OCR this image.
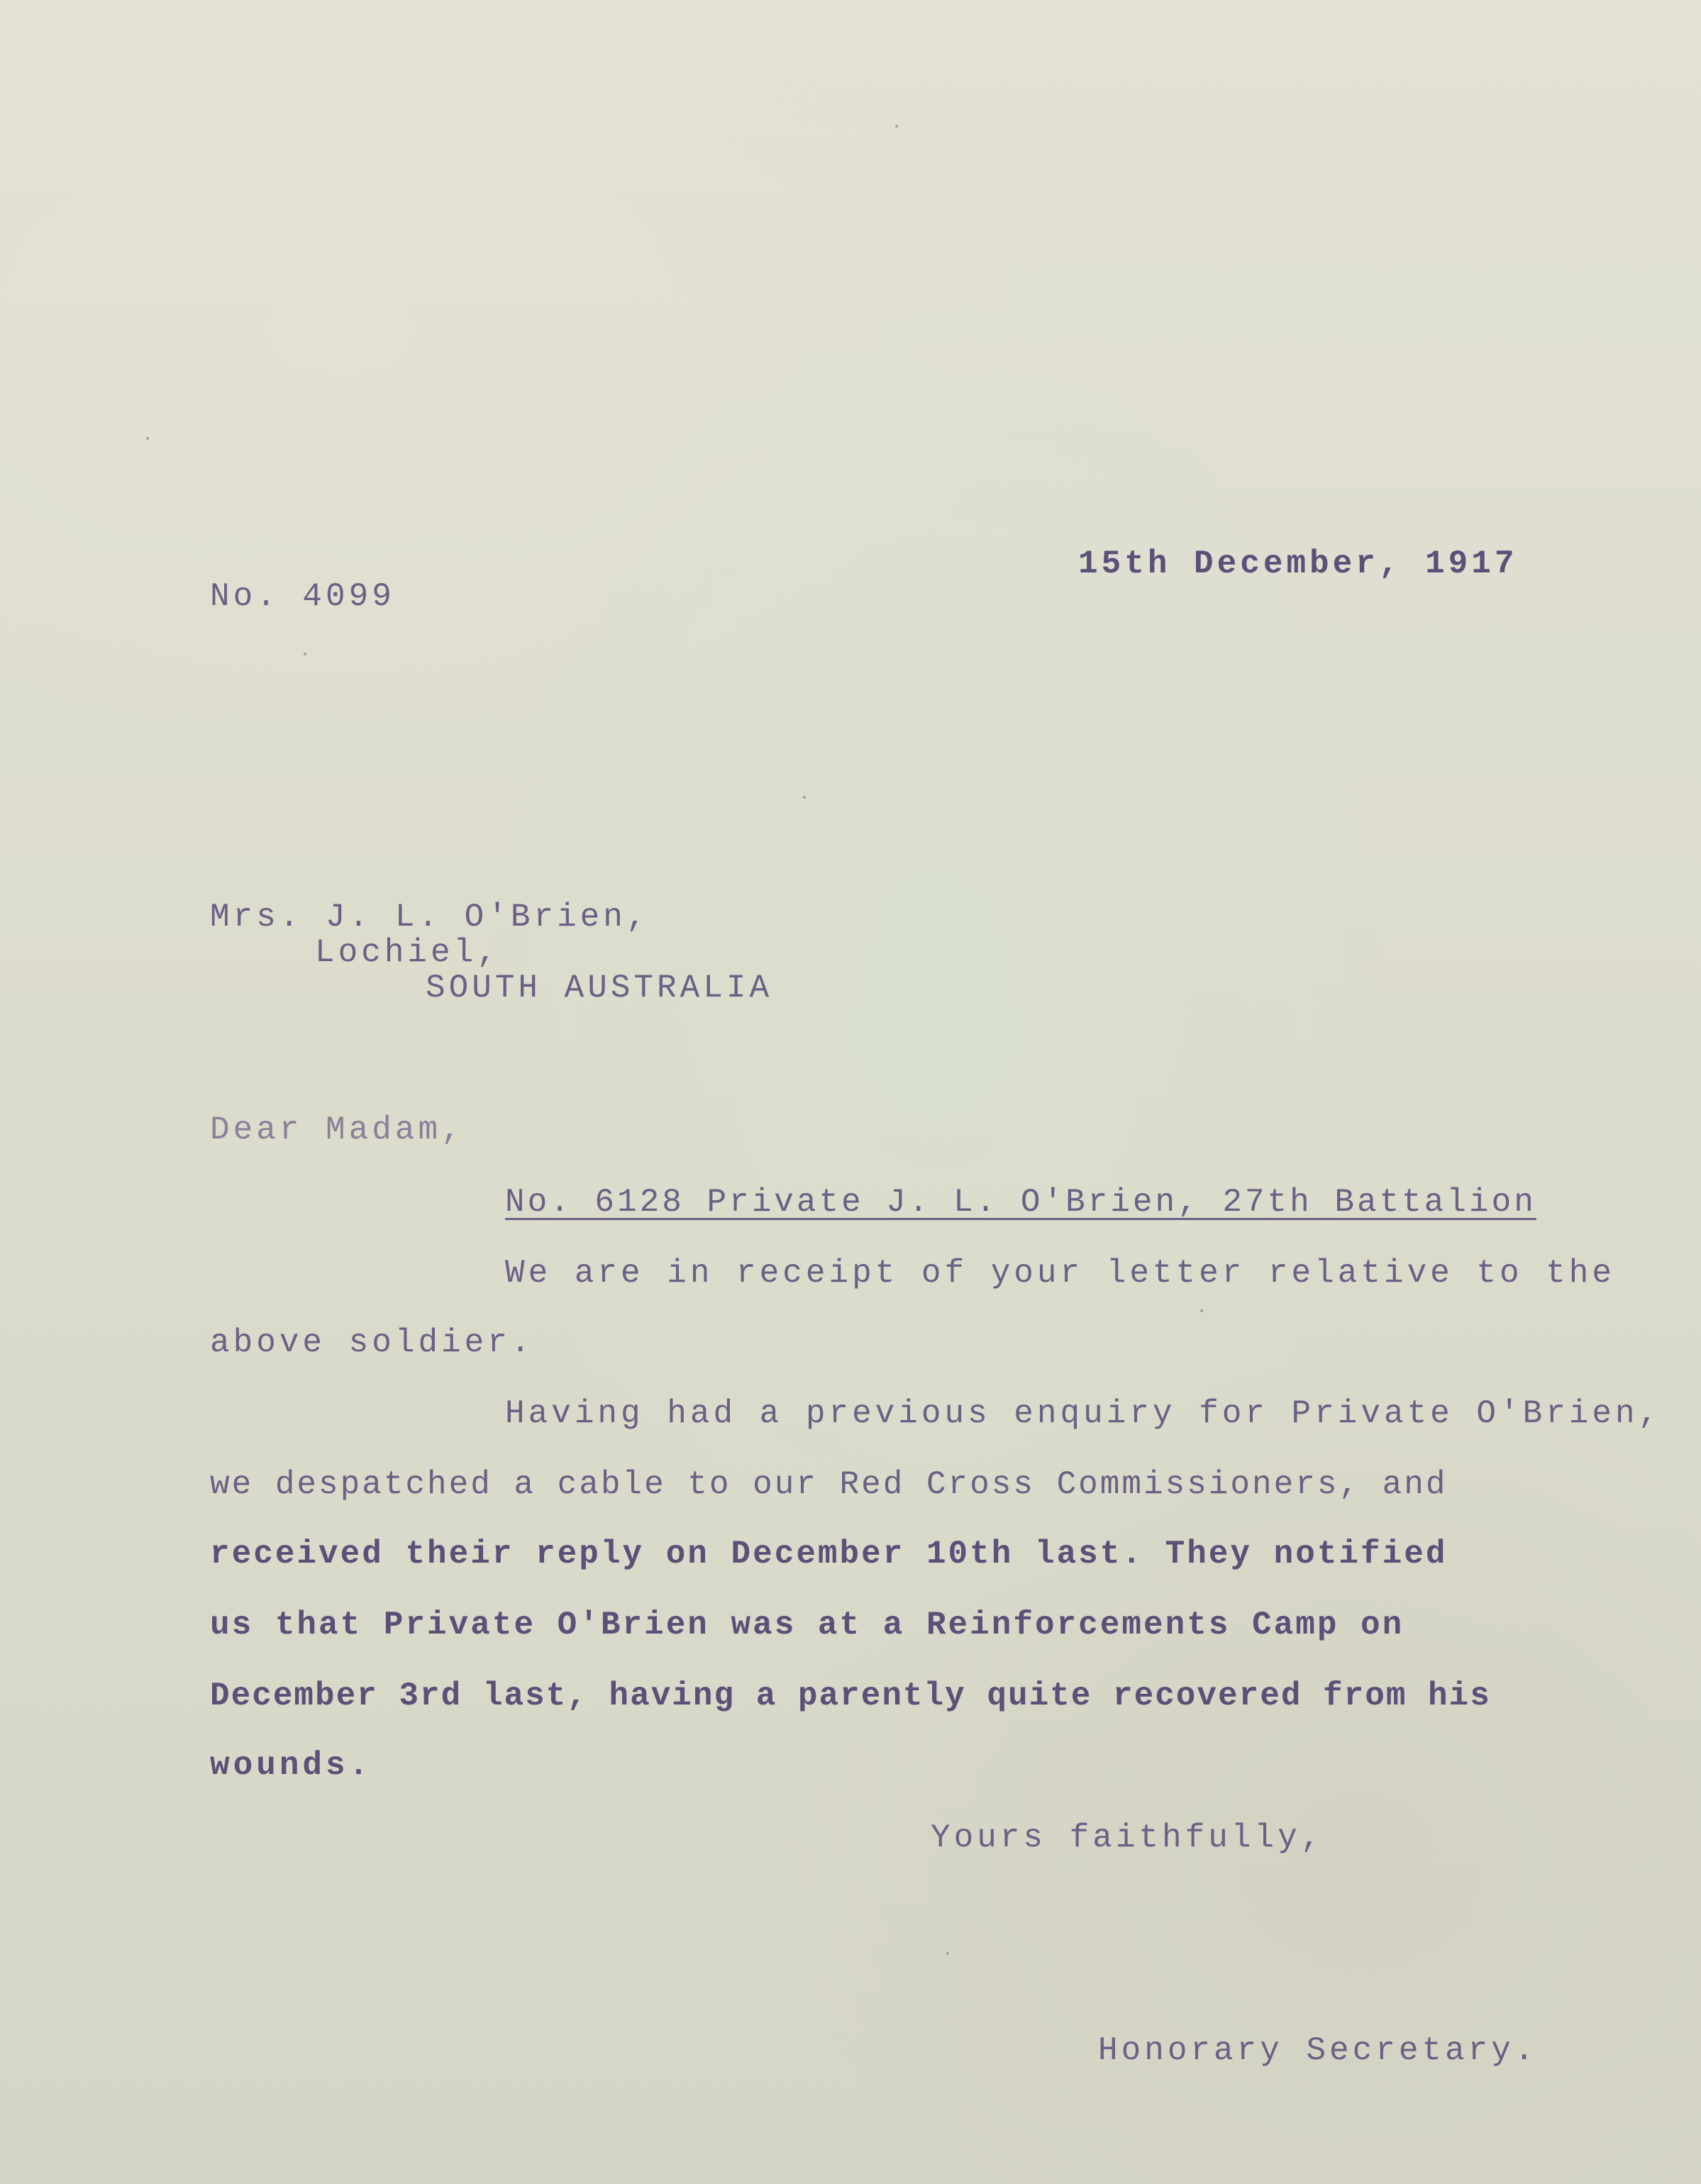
15th December, 1917
No. 4099
Mrs. J. L. O'Brien,
Lochiel,
SOUTH AUSTRALIA
Dear Madam,
No. 6128 Private J. L. O'Brien, 27th Battalion
We are in receipt of your letter relative to the
above soldier.
Having had a previous enquiry for Private O'Brien,
we despatched a cable to our Red Cross Commissioners, and
received their reply on December 10th last. They notified
us that Private O'Brien was at a Reinforcements Camp on
December 3rd last, having a parently quite recovered from his
wounds.
Yours faithfully,
Honorary Secretary.
